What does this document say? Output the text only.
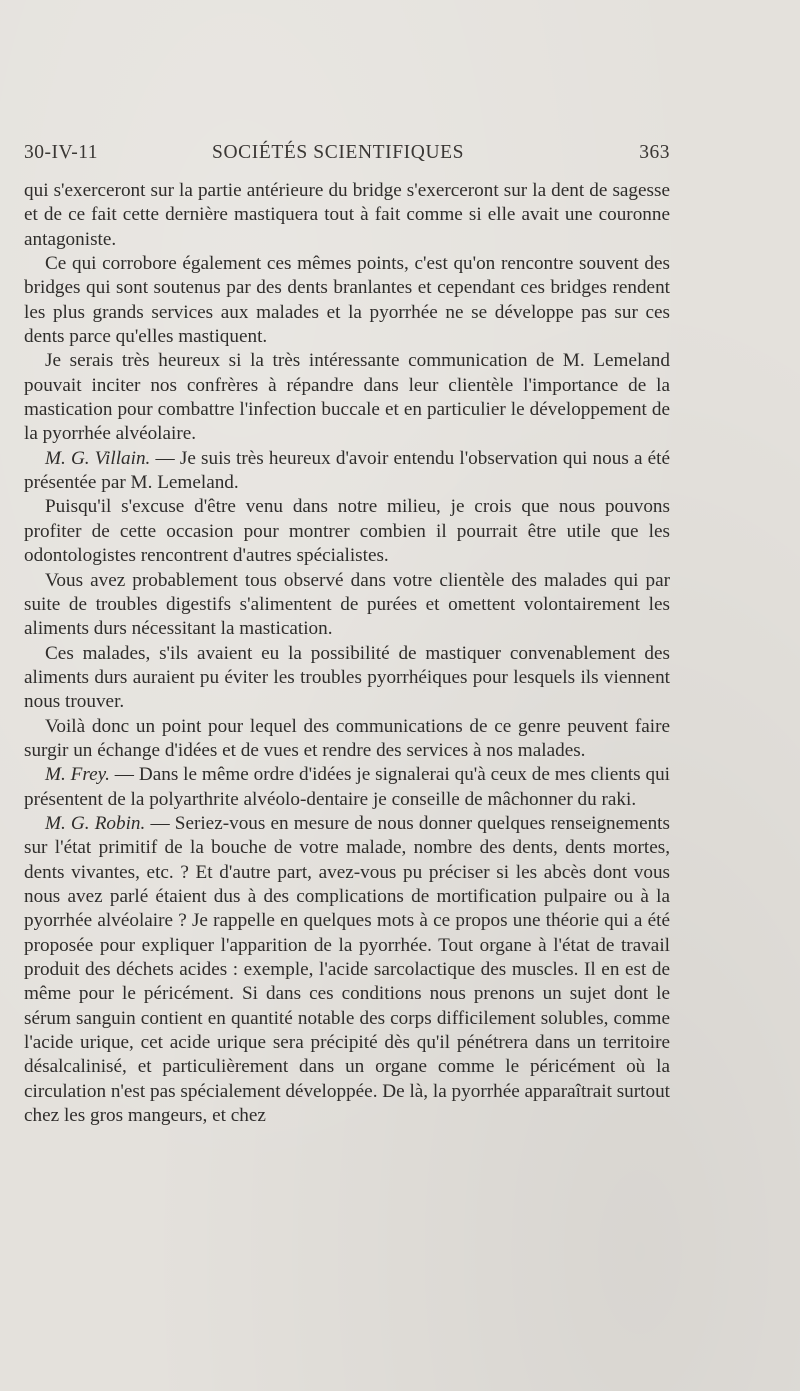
30-IV-11	SOCIÉTÉS SCIENTIFIQUES	363

qui s'exerceront sur la partie antérieure du bridge s'exerceront sur la dent de sagesse et de ce fait cette dernière mastiquera tout à fait comme si elle avait une couronne antagoniste.

Ce qui corrobore également ces mêmes points, c'est qu'on rencontre souvent des bridges qui sont soutenus par des dents branlantes et cependant ces bridges rendent les plus grands services aux malades et la pyorrhée ne se développe pas sur ces dents parce qu'elles mastiquent.

Je serais très heureux si la très intéressante communication de M. Lemeland pouvait inciter nos confrères à répandre dans leur clientèle l'importance de la mastication pour combattre l'infection buccale et en particulier le développement de la pyorrhée alvéolaire.

M. G. Villain. — Je suis très heureux d'avoir entendu l'observation qui nous a été présentée par M. Lemeland.

Puisqu'il s'excuse d'être venu dans notre milieu, je crois que nous pouvons profiter de cette occasion pour montrer combien il pourrait être utile que les odontologistes rencontrent d'autres spécialistes.

Vous avez probablement tous observé dans votre clientèle des malades qui par suite de troubles digestifs s'alimentent de purées et omettent volontairement les aliments durs nécessitant la mastication.

Ces malades, s'ils avaient eu la possibilité de mastiquer convenablement des aliments durs auraient pu éviter les troubles pyorrhéiques pour lesquels ils viennent nous trouver.

Voilà donc un point pour lequel des communications de ce genre peuvent faire surgir un échange d'idées et de vues et rendre des services à nos malades.

M. Frey. — Dans le même ordre d'idées je signalerai qu'à ceux de mes clients qui présentent de la polyarthrite alvéolo-dentaire je conseille de mâchonner du raki.

M. G. Robin. — Seriez-vous en mesure de nous donner quelques renseignements sur l'état primitif de la bouche de votre malade, nombre des dents, dents mortes, dents vivantes, etc. ? Et d'autre part, avez-vous pu préciser si les abcès dont vous nous avez parlé étaient dus à des complications de mortification pulpaire ou à la pyorrhée alvéolaire ? Je rappelle en quelques mots à ce propos une théorie qui a été proposée pour expliquer l'apparition de la pyorrhée. Tout organe à l'état de travail produit des déchets acides : exemple, l'acide sarcolactique des muscles. Il en est de même pour le péricément. Si dans ces conditions nous prenons un sujet dont le sérum sanguin contient en quantité notable des corps difficilement solubles, comme l'acide urique, cet acide urique sera précipité dès qu'il pénétrera dans un territoire désalcalinisé, et particulièrement dans un organe comme le péricément où la circulation n'est pas spécialement développée. De là, la pyorrhée apparaîtrait surtout chez les gros mangeurs, et chez
